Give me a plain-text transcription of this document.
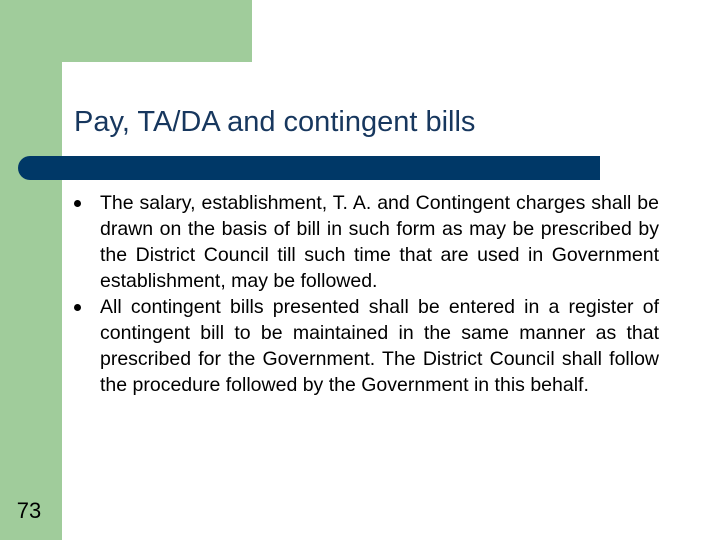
Pay, TA/DA and contingent bills
The salary, establishment, T. A. and Contingent charges shall be drawn on the basis of bill in such form as may be prescribed by the District Council till such time that are used in Government establishment, may be followed.
All contingent bills presented shall be entered in a register of contingent bill to be maintained in the same manner as that prescribed for the Government. The District Council shall follow the procedure followed by the Government in this behalf.
73
